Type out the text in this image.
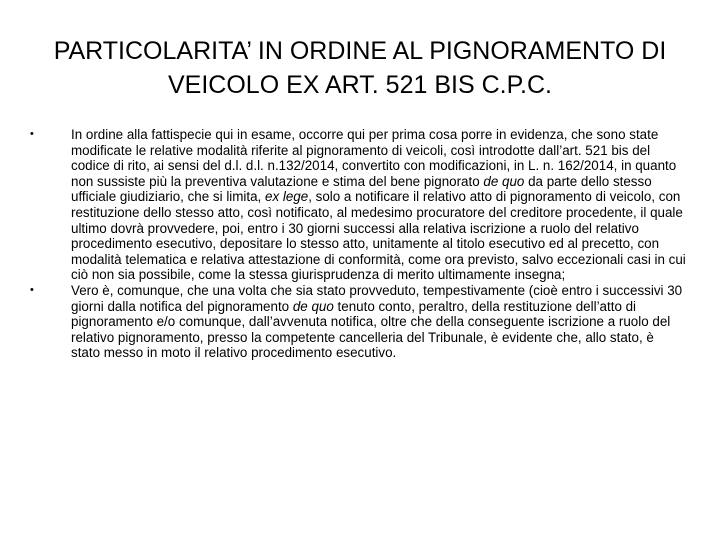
PARTICOLARITA’ IN ORDINE AL PIGNORAMENTO DI
VEICOLO EX ART. 521 BIS C.P.C.
•	In ordine alla fattispecie qui in esame, occorre qui per prima cosa porre in evidenza, che sono state modificate le relative modalità riferite al pignoramento di veicoli, così introdotte dall’art. 521 bis del codice di rito, ai sensi del d.l. d.l. n.132/2014, convertito con modificazioni, in L. n. 162/2014, in quanto non sussiste più la preventiva valutazione e stima del bene pignorato de quo da parte dello stesso ufficiale giudiziario, che si limita, ex lege, solo a notificare il relativo atto di pignoramento di veicolo, con restituzione dello stesso atto, così notificato, al medesimo procuratore del creditore procedente, il quale ultimo dovrà provvedere, poi, entro i 30 giorni successi alla relativa iscrizione a ruolo del relativo procedimento esecutivo, depositare lo stesso atto, unitamente al titolo esecutivo ed al precetto, con modalità telematica e relativa attestazione di conformità, come ora previsto, salvo eccezionali casi in cui ciò non sia possibile, come la stessa giurisprudenza di merito ultimamente insegna;
•	Vero è, comunque, che una volta che sia stato provveduto, tempestivamente (cioè entro i successivi 30 giorni dalla notifica del pignoramento de quo tenuto conto, peraltro, della restituzione dell’atto di pignoramento e/o comunque, dall’avvenuta notifica, oltre che della conseguente iscrizione a ruolo del relativo pignoramento, presso la competente cancelleria del Tribunale, è evidente che, allo stato, è stato messo in moto il relativo procedimento esecutivo.
